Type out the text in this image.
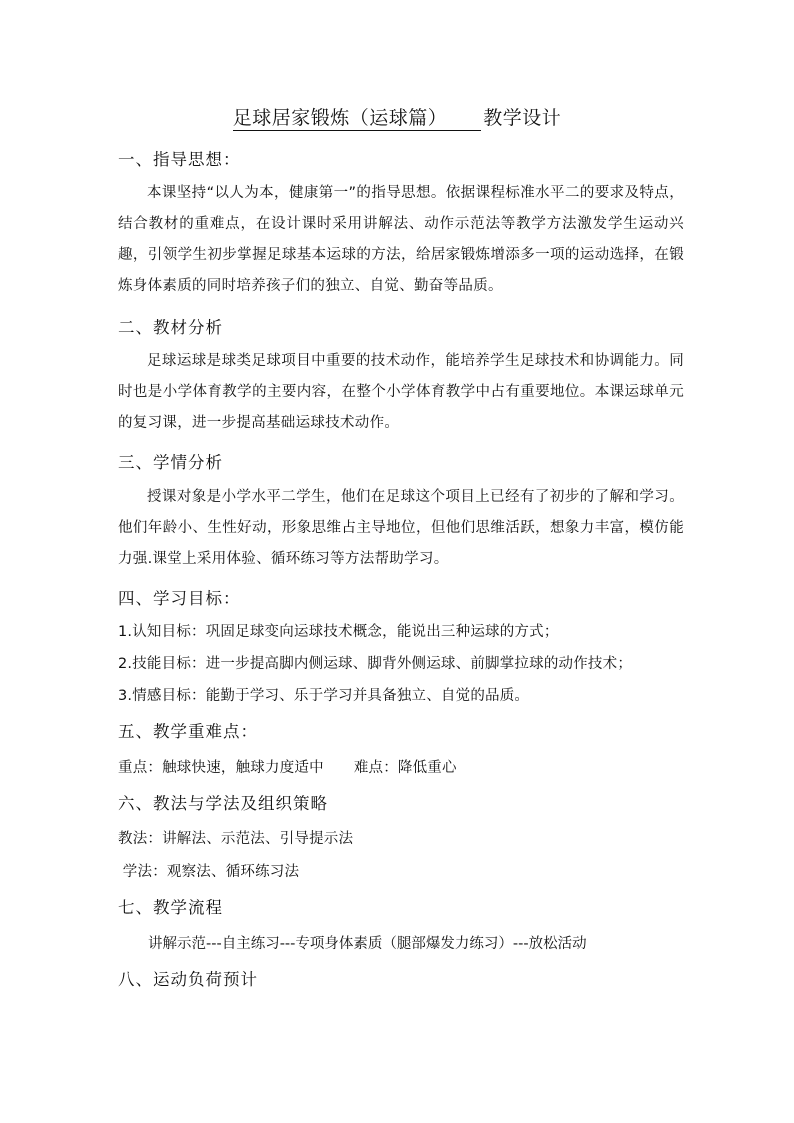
足球居家锻炼（运球篇） 教学设计
一、指导思想：
本课坚持“以人为本，健康第一”的指导思想。依据课程标准水平二的要求及特点，结合教材的重难点，在设计课时采用讲解法、动作示范法等教学方法激发学生运动兴趣，引领学生初步掌握足球基本运球的方法，给居家锻炼增添多一项的运动选择，在锻炼身体素质的同时培养孩子们的独立、自觉、勤奋等品质。
二、教材分析
足球运球是球类足球项目中重要的技术动作，能培养学生足球技术和协调能力。同时也是小学体育教学的主要内容，在整个小学体育教学中占有重要地位。本课运球单元的复习课，进一步提高基础运球技术动作。
三、学情分析
授课对象是小学水平二学生，他们在足球这个项目上已经有了初步的了解和学习。他们年龄小、生性好动，形象思维占主导地位，但他们思维活跃，想象力丰富，模仿能力强.课堂上采用体验、循环练习等方法帮助学习。
四、学习目标：
1.认知目标：巩固足球变向运球技术概念，能说出三种运球的方式；
2.技能目标：进一步提高脚内侧运球、脚背外侧运球、前脚掌拉球的动作技术；
3.情感目标：能勤于学习、乐于学习并具备独立、自觉的品质。
五、教学重难点：
重点：触球快速，触球力度适中 难点：降低重心
六、教法与学法及组织策略
教法：讲解法、示范法、引导提示法
学法：观察法、循环练习法
七、教学流程
讲解示范---自主练习---专项身体素质（腿部爆发力练习）---放松活动
八、运动负荷预计
